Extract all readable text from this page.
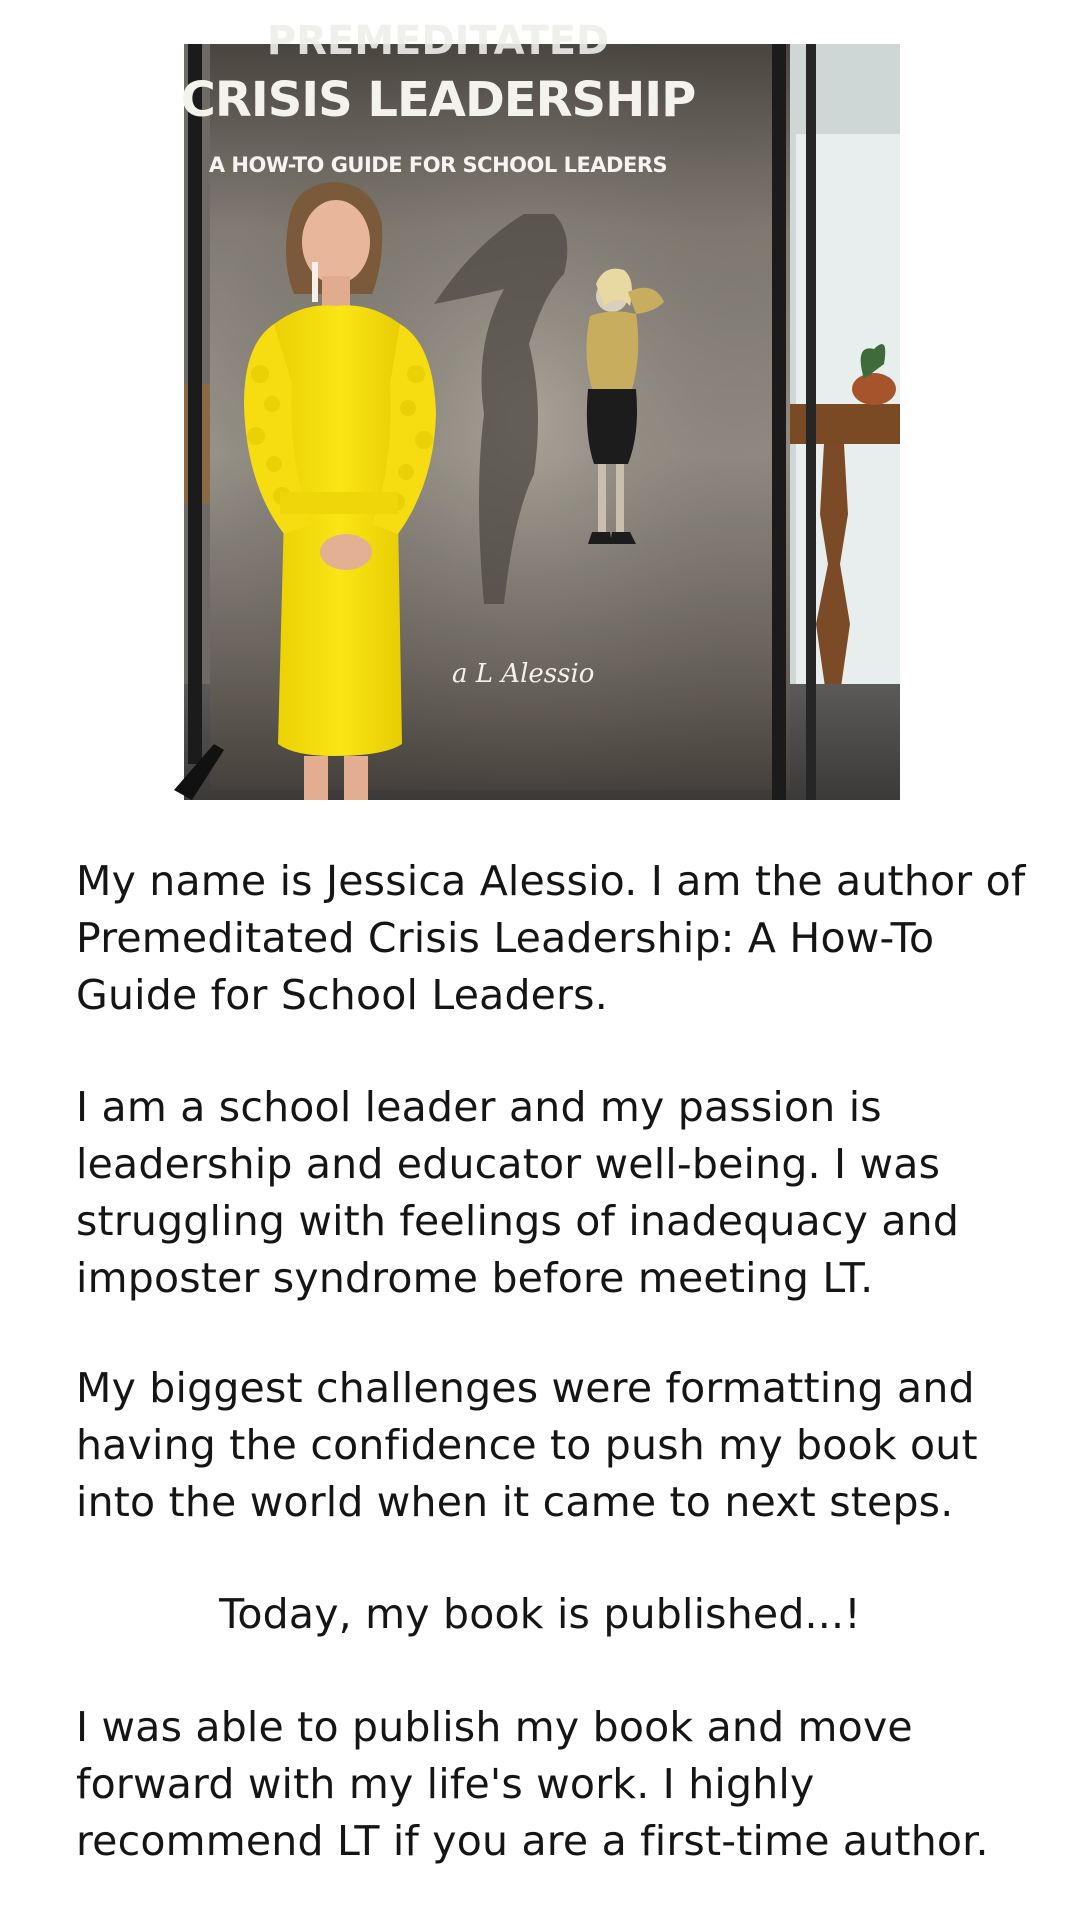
PREMEDITATED
CRISIS LEADERSHIP
A HOW-TO GUIDE FOR SCHOOL LEADERS
a L Alessio
My name is Jessica Alessio. I am the author of
Premeditated Crisis Leadership: A How-To
Guide for School Leaders.
I am a school leader and my passion is
leadership and educator well-being. I was
struggling with feelings of inadequacy and
imposter syndrome before meeting LT.
My biggest challenges were formatting and
having the confidence to push my book out
into the world when it came to next steps.
Today, my book is published...!
I was able to publish my book and move
forward with my life's work. I highly
recommend LT if you are a first-time author.
